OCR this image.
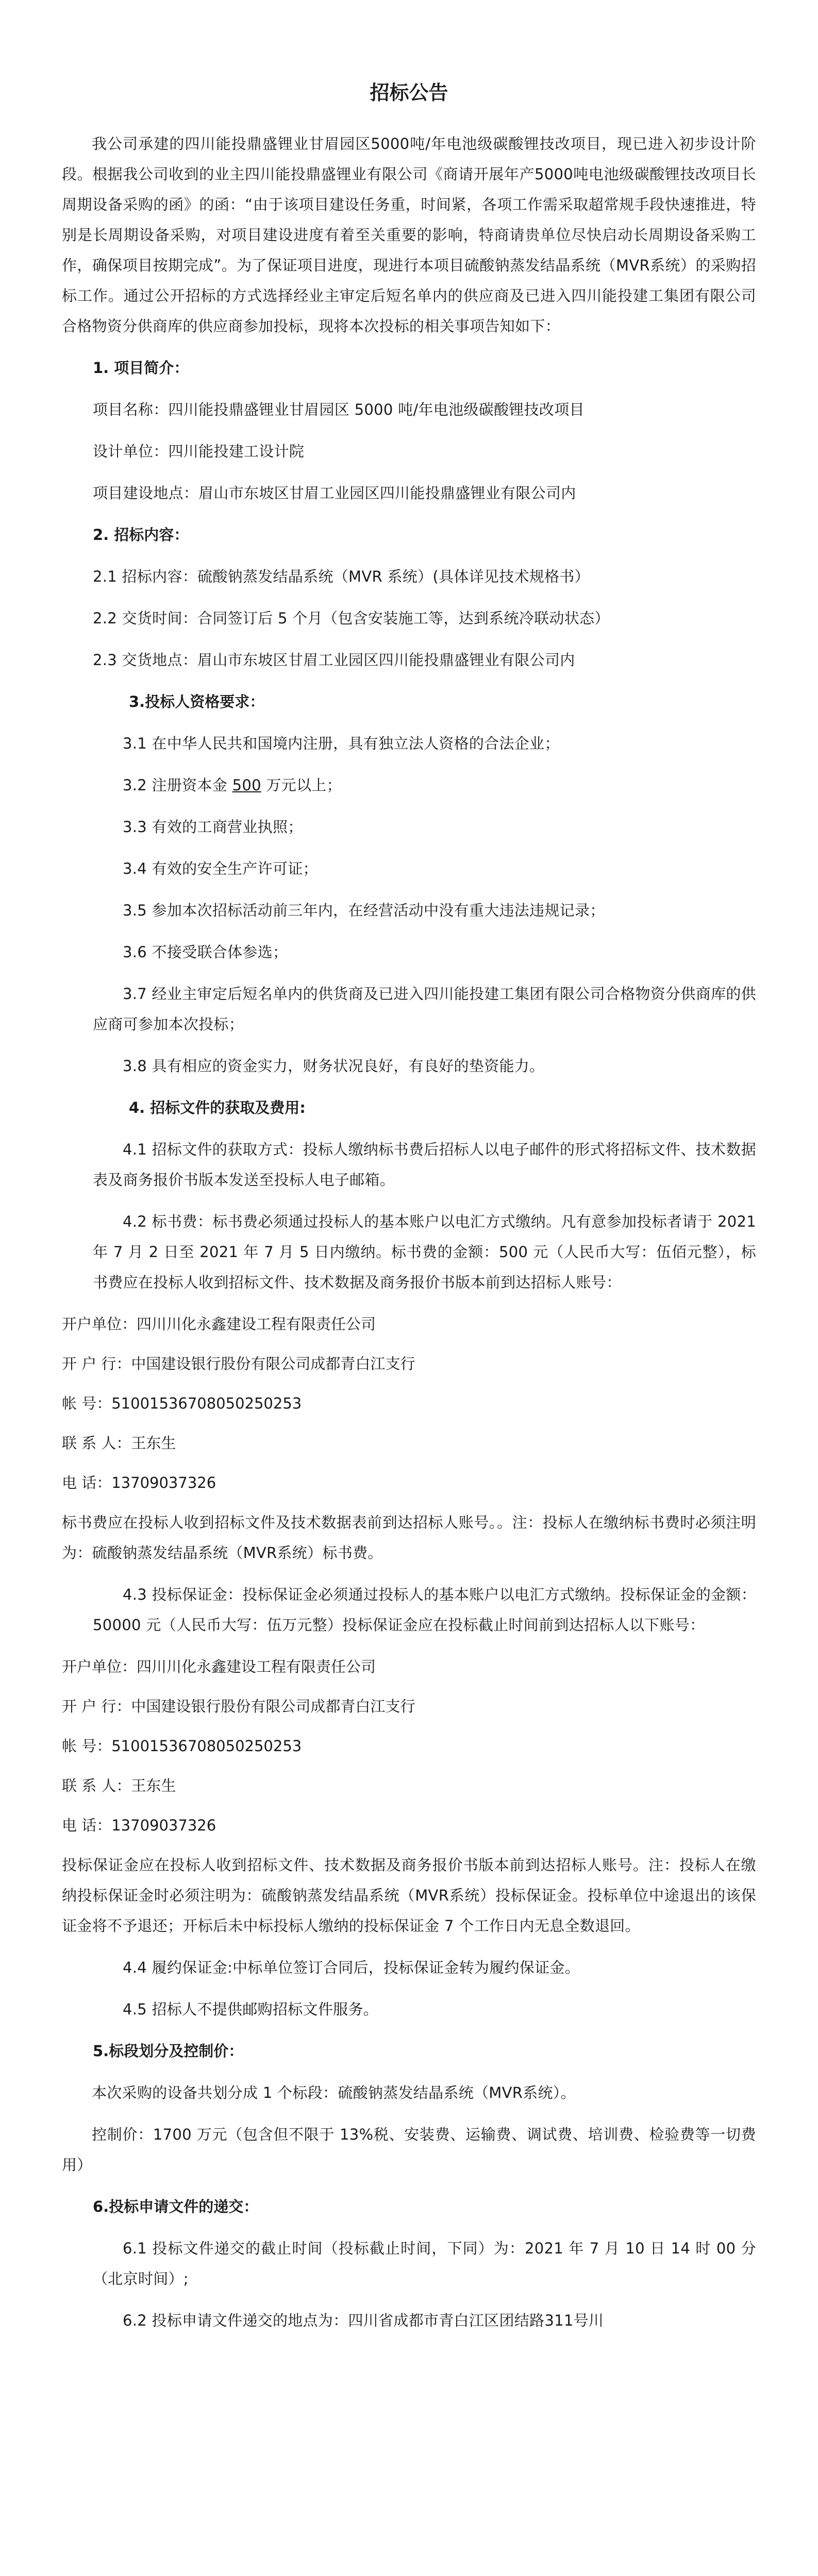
招标公告
我公司承建的四川能投鼎盛锂业甘眉园区5000吨/年电池级碳酸锂技改项目，现已进入初步设计阶段。根据我公司收到的业主四川能投鼎盛锂业有限公司《商请开展年产5000吨电池级碳酸锂技改项目长周期设备采购的函》的函：“由于该项目建设任务重，时间紧，各项工作需采取超常规手段快速推进，特别是长周期设备采购，对项目建设进度有着至关重要的影响，特商请贵单位尽快启动长周期设备采购工作，确保项目按期完成”。为了保证项目进度，现进行本项目硫酸钠蒸发结晶系统（MVR系统）的采购招标工作。通过公开招标的方式选择经业主审定后短名单内的供应商及已进入四川能投建工集团有限公司合格物资分供商库的供应商参加投标，现将本次投标的相关事项告知如下：
1. 项目简介：
项目名称：四川能投鼎盛锂业甘眉园区 5000 吨/年电池级碳酸锂技改项目
设计单位：四川能投建工设计院
项目建设地点：眉山市东坡区甘眉工业园区四川能投鼎盛锂业有限公司内
2. 招标内容：
2.1 招标内容：硫酸钠蒸发结晶系统（MVR 系统）(具体详见技术规格书）
2.2 交货时间：合同签订后 5 个月（包含安装施工等，达到系统冷联动状态）
2.3 交货地点：眉山市东坡区甘眉工业园区四川能投鼎盛锂业有限公司内
3.投标人资格要求：
3.1 在中华人民共和国境内注册，具有独立法人资格的合法企业；
3.2 注册资本金 500 万元以上；
3.3 有效的工商营业执照；
3.4 有效的安全生产许可证；
3.5 参加本次招标活动前三年内，在经营活动中没有重大违法违规记录；
3.6 不接受联合体参选；
3.7 经业主审定后短名单内的供货商及已进入四川能投建工集团有限公司合格物资分供商库的供应商可参加本次投标；
3.8 具有相应的资金实力，财务状况良好，有良好的垫资能力。
4. 招标文件的获取及费用:
4.1 招标文件的获取方式：投标人缴纳标书费后招标人以电子邮件的形式将招标文件、技术数据表及商务报价书版本发送至投标人电子邮箱。
4.2 标书费：标书费必须通过投标人的基本账户以电汇方式缴纳。凡有意参加投标者请于 2021 年 7 月 2 日至 2021 年 7 月 5 日内缴纳。标书费的金额：500 元（人民币大写：伍佰元整），标书费应在投标人收到招标文件、技术数据及商务报价书版本前到达招标人账号：
开户单位：四川川化永鑫建设工程有限责任公司
开 户 行：中国建设银行股份有限公司成都青白江支行
帐 号：51001536708050250253
联 系 人：王东生
电 话：13709037326
标书费应在投标人收到招标文件及技术数据表前到达招标人账号。。注：投标人在缴纳标书费时必须注明为：硫酸钠蒸发结晶系统（MVR系统）标书费。
4.3 投标保证金：投标保证金必须通过投标人的基本账户以电汇方式缴纳。投标保证金的金额：50000 元（人民币大写：伍万元整）投标保证金应在投标截止时间前到达招标人以下账号：
开户单位：四川川化永鑫建设工程有限责任公司
开 户 行：中国建设银行股份有限公司成都青白江支行
帐 号：51001536708050250253
联 系 人：王东生
电 话：13709037326
投标保证金应在投标人收到招标文件、技术数据及商务报价书版本前到达招标人账号。注：投标人在缴纳投标保证金时必须注明为：硫酸钠蒸发结晶系统（MVR系统）投标保证金。投标单位中途退出的该保证金将不予退还；开标后未中标投标人缴纳的投标保证金 7 个工作日内无息全数退回。
4.4 履约保证金:中标单位签订合同后，投标保证金转为履约保证金。
4.5 招标人不提供邮购招标文件服务。
5.标段划分及控制价：
本次采购的设备共划分成 1 个标段：硫酸钠蒸发结晶系统（MVR系统）。
控制价：1700 万元（包含但不限于 13%税、安装费、运输费、调试费、培训费、检验费等一切费用）
6.投标申请文件的递交：
6.1 投标文件递交的截止时间（投标截止时间，下同）为：2021 年 7 月 10 日 14 时 00 分（北京时间）;
6.2 投标申请文件递交的地点为：四川省成都市青白江区团结路311号川
